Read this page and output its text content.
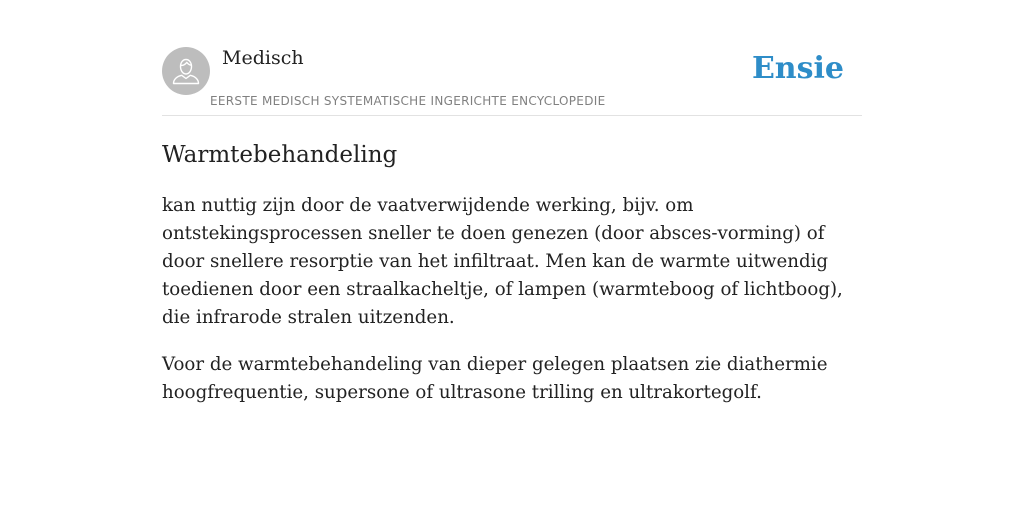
Medisch
EERSTE MEDISCH SYSTEMATISCHE INGERICHTE ENCYCLOPEDIE
Ensie
Warmtebehandeling

kan nuttig zijn door de vaatverwijdende werking, bijv. om ontstekingsprocessen sneller te doen genezen (door absces-vorming) of door snellere resorptie van het infiltraat. Men kan de warmte uitwendig toedienen door een straalkacheltje, of lampen (warmteboog of lichtboog), die infrarode stralen uitzenden.

Voor de warmtebehandeling van dieper gelegen plaatsen zie diathermie hoogfrequentie, supersone of ultrasone trilling en ultrakortegolf.
